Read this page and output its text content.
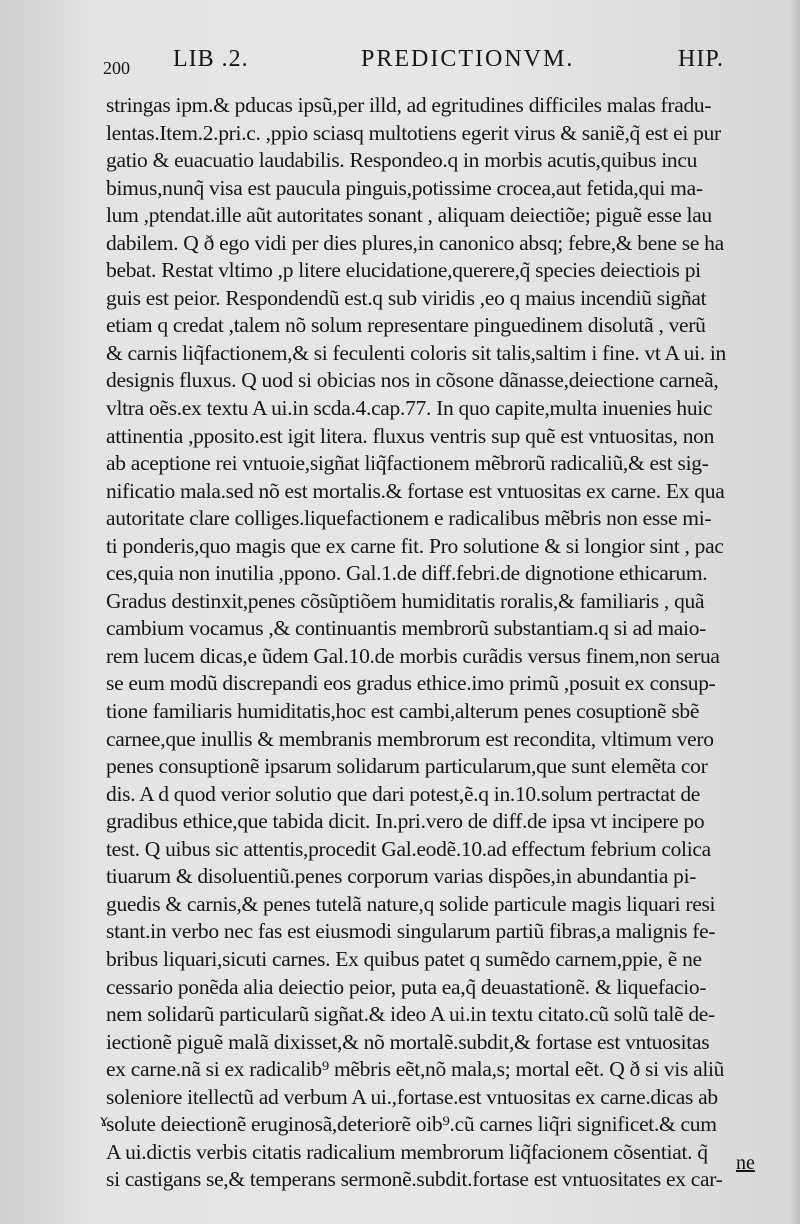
200 LIB .2.	PREDICTIONVM.	HIP.
stringas ipm.& pducas ipsũ,per illd, ad egritudines difficiles malas fradu-
lentas.Item.2.pri.c. ,ppio sciasq multotiens egerit virus & saniẽ,q̃ est ei pur
gatio & euacuatio laudabilis. Respondeo.q in morbis acutis,quibus incu
bimus,nunq̃ visa est paucula pinguis,potissime crocea,aut fetida,qui ma-
lum ,ptendat.ille aũt autoritates sonant , aliquam deiectiõe; piguẽ esse lau
dabilem. Q ð ego vidi per dies plures,in canonico absq; febre,& bene se ha
bebat. Restat vltimo ,p litere elucidatione,querere,q̃ species deiectiois pi
guis est peior. Respondendũ est.q sub viridis ,eo q maius incendiũ sigñat
etiam q credat ,talem nõ solum representare pinguedinem disolutã , verũ
& carnis liq̃factionem,& si feculenti coloris sit talis,saltim i fine. vt A ui. in
designis fluxus. Q uod si obicias nos in cõsone dãnasse,deiectione carneã,
vltra oẽs.ex textu A ui.in scda.4.cap.77. In quo capite,multa inuenies huic
attinentia ,pposito.est igit litera. fluxus ventris sup quẽ est vntuositas, non
ab aceptione rei vntuoie,sigñat liq̃factionem mẽbrorũ radicaliũ,& est sig-
nificatio mala.sed nõ est mortalis.& fortase est vntuositas ex carne. Ex qua
autoritate clare colliges.liquefactionem e radicalibus mẽbris non esse mi-
ti ponderis,quo magis que ex carne fit. Pro solutione & si longior sint , pac
ces,quia non inutilia ,ppono. Gal.1.de diff.febri.de dignotione ethicarum.
Gradus destinxit,penes cõsũptiõem humiditatis roralis,& familiaris , quã
cambium vocamus ,& continuantis membrorũ substantiam.q si ad maio-
rem lucem dicas,e ũdem Gal.10.de morbis curãdis versus finem,non serua
se eum modũ discrepandi eos gradus ethice.imo primũ ,posuit ex consup-
tione familiaris humiditatis,hoc est cambi,alterum penes cosuptionẽ sbẽ
carnee,que inullis & membranis membrorum est recondita, vltimum vero
penes consuptionẽ ipsarum solidarum particularum,que sunt elemẽta cor
dis. A d quod verior solutio que dari potest,ẽ.q in.10.solum pertractat de
gradibus ethice,que tabida dicit. In.pri.vero de diff.de ipsa vt incipere po
test. Q uibus sic attentis,procedit Gal.eodẽ.10.ad effectum febrium colica
tiuarum & disoluentiũ.penes corporum varias dispões,in abundantia pi-
guedis & carnis,& penes tutelã nature,q solide particule magis liquari resi
stant.in verbo nec fas est eiusmodi singularum partiũ fibras,a malignis fe-
bribus liquari,sicuti carnes. Ex quibus patet q sumẽdo carnem,ppie, ẽ ne
cessario ponẽda alia deiectio peior, puta ea,q̃ deuastationẽ. & liquefacio-
nem solidarũ particularũ sigñat.& ideo A ui.in textu citato.cũ solũ talẽ de-
iectionẽ piguẽ malã dixisset,& nõ mortalẽ.subdit,& fortase est vntuositas
ex carne.nã si ex radicalib⁹ mẽbris eẽt,nõ mala,s; mortal eẽt. Q ð si vis aliũ
soleniore itellectũ ad verbum A ui.,fortase.est vntuositas ex carne.dicas ab
solute deiectionẽ eruginosã,deteriorẽ oib⁹.cũ carnes liq̃ri significet.& cum
A ui.dictis verbis citatis radicalium membrorum liq̃facionem cõsentiat. q̃
si castigans se,& temperans sermonẽ.subdit.fortase est vntuositates ex car-
ɤ
ne
